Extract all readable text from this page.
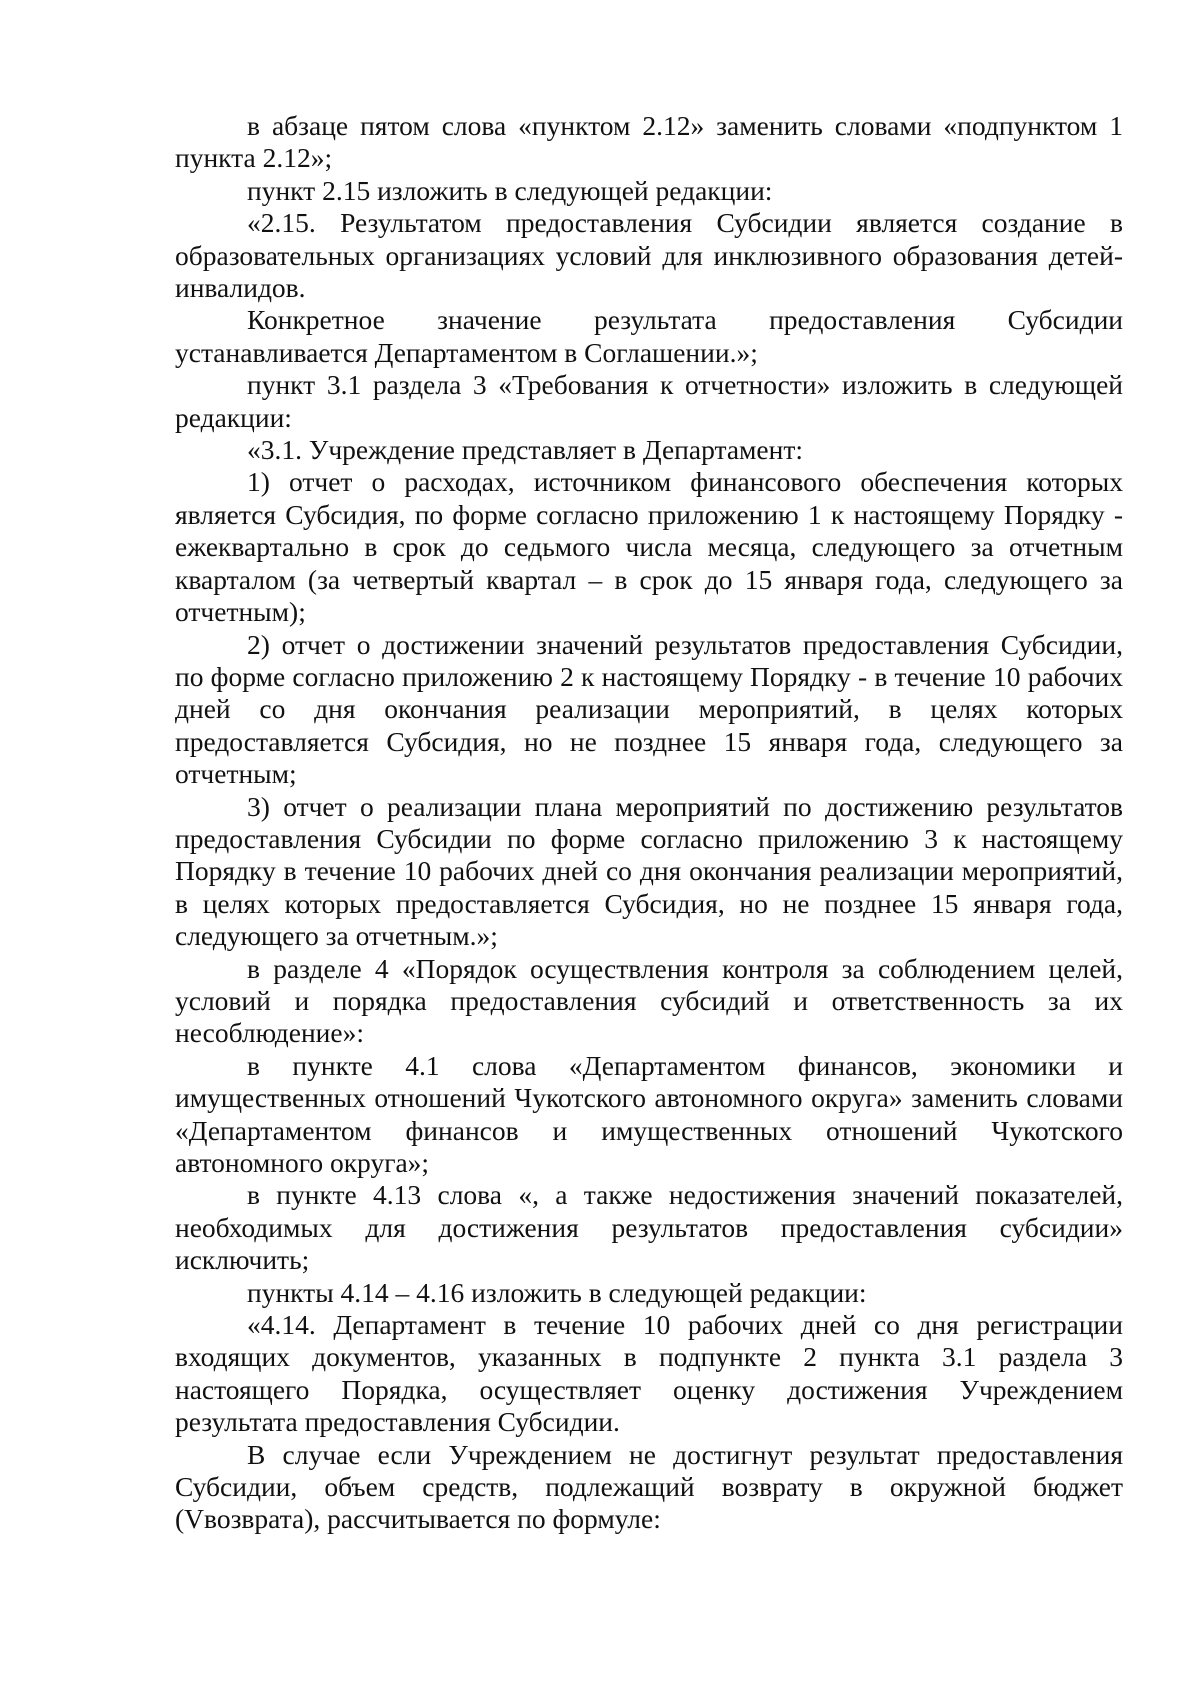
в абзаце пятом слова «пунктом 2.12» заменить словами «подпунктом 1 пункта 2.12»;

пункт 2.15 изложить в следующей редакции:

«2.15. Результатом предоставления Субсидии является создание в образовательных организациях условий для инклюзивного образования детей-инвалидов.

Конкретное значение результата предоставления Субсидии устанавливается Департаментом в Соглашении.»;

пункт 3.1 раздела 3 «Требования к отчетности» изложить в следующей редакции:

«3.1. Учреждение представляет в Департамент:

1) отчет о расходах, источником финансового обеспечения которых является Субсидия, по форме согласно приложению 1 к настоящему Порядку - ежеквартально в срок до седьмого числа месяца, следующего за отчетным кварталом (за четвертый квартал – в срок до 15 января года, следующего за отчетным);

2) отчет о достижении значений результатов предоставления Субсидии, по форме согласно приложению 2 к настоящему Порядку - в течение 10 рабочих дней со дня окончания реализации мероприятий, в целях которых предоставляется Субсидия, но не позднее 15 января года, следующего за отчетным;

3) отчет о реализации плана мероприятий по достижению результатов предоставления Субсидии по форме согласно приложению 3 к настоящему Порядку в течение 10 рабочих дней со дня окончания реализации мероприятий, в целях которых предоставляется Субсидия, но не позднее 15 января года, следующего за отчетным.»;

в разделе 4 «Порядок осуществления контроля за соблюдением целей, условий и порядка предоставления субсидий и ответственность за их несоблюдение»:

в пункте 4.1 слова «Департаментом финансов, экономики и имущественных отношений Чукотского автономного округа» заменить словами «Департаментом финансов и имущественных отношений Чукотского автономного округа»;

в пункте 4.13 слова «, а также недостижения значений показателей, необходимых для достижения результатов предоставления субсидии» исключить;

пункты 4.14 – 4.16 изложить в следующей редакции:

«4.14. Департамент в течение 10 рабочих дней со дня регистрации входящих документов, указанных в подпункте 2 пункта 3.1 раздела 3 настоящего Порядка, осуществляет оценку достижения Учреждением результата предоставления Субсидии.

В случае если Учреждением не достигнут результат предоставления Субсидии, объем средств, подлежащий возврату в окружной бюджет (Vвозврата), рассчитывается по формуле:
